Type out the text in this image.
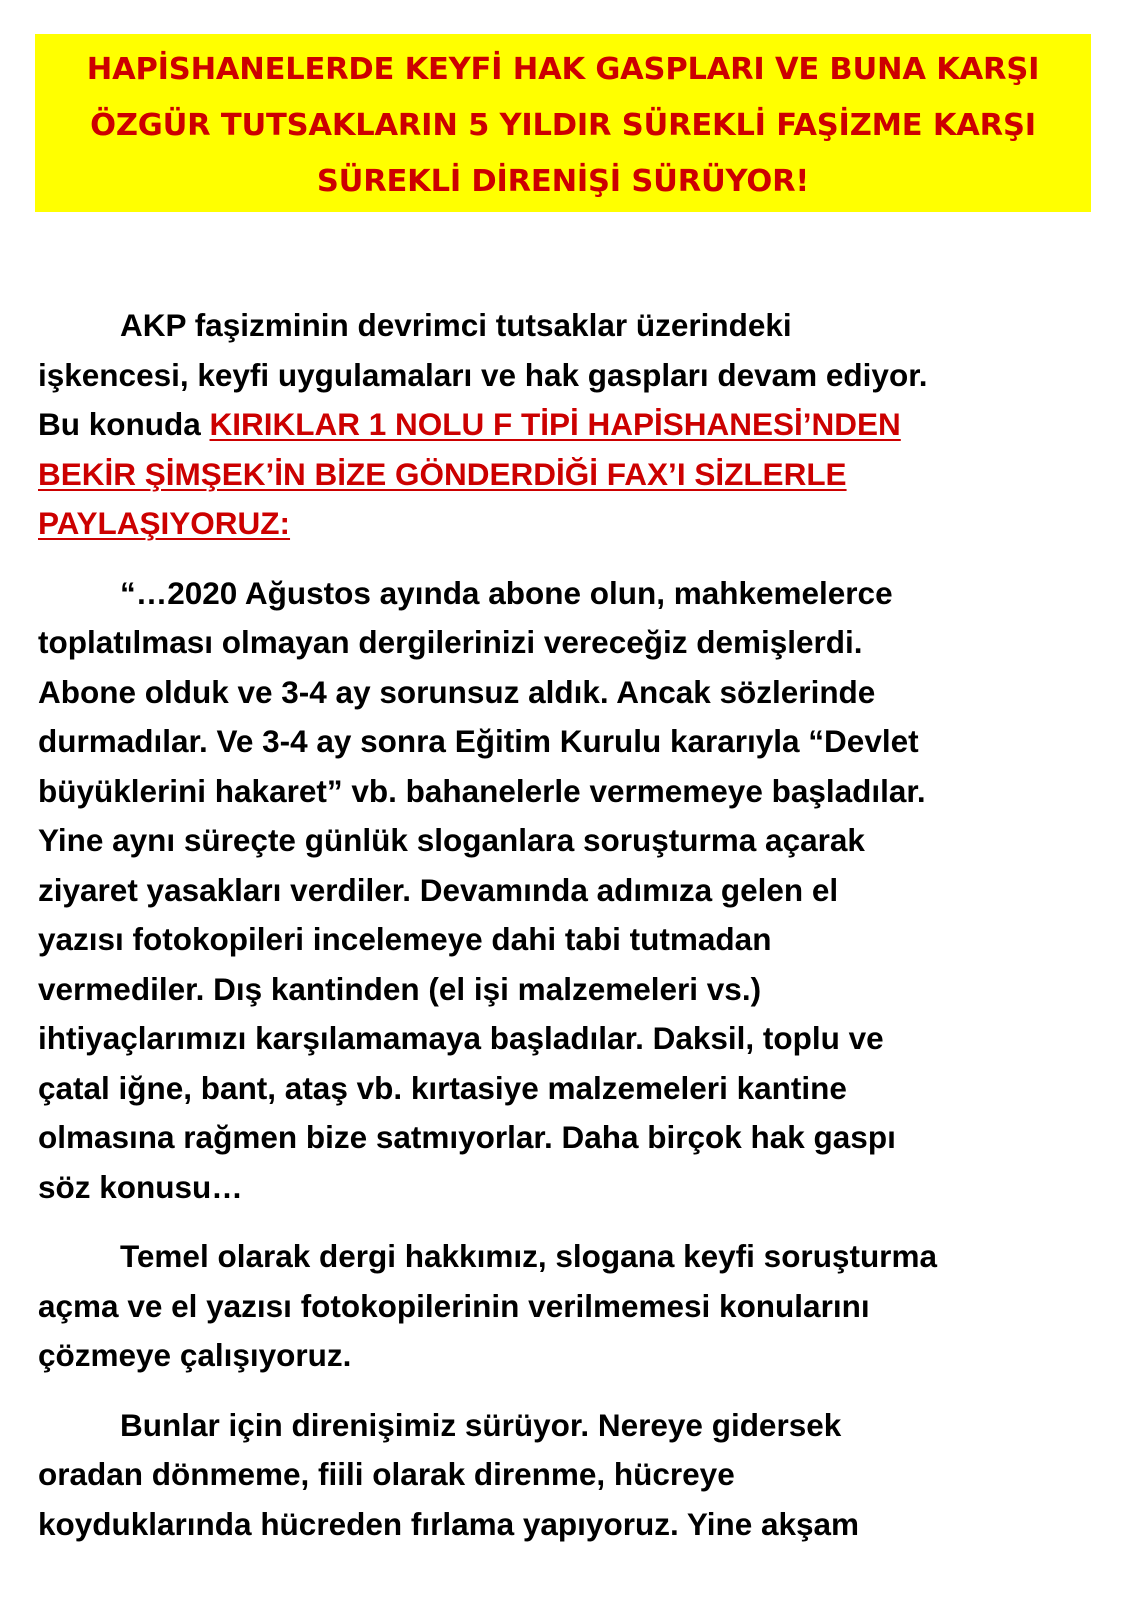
HAPİSHANELERDE KEYFİ HAK GASPLARI VE BUNA KARŞI
ÖZGÜR TUTSAKLARIN 5 YILDIR SÜREKLİ FAŞİZME KARŞI
SÜREKLİ DİRENİŞİ SÜRÜYOR!
AKP faşizminin devrimci tutsaklar üzerindeki
işkencesi, keyfi uygulamaları ve hak gaspları devam ediyor.
Bu konuda KIRIKLAR 1 NOLU F TİPİ HAPİSHANESİ’NDEN
BEKİR ŞİMŞEK’İN BİZE GÖNDERDİĞİ FAX’I SİZLERLE
PAYLAŞIYORUZ:
“…2020 Ağustos ayında abone olun, mahkemelerce
toplatılması olmayan dergilerinizi vereceğiz demişlerdi.
Abone olduk ve 3-4 ay sorunsuz aldık. Ancak sözlerinde
durmadılar. Ve 3-4 ay sonra Eğitim Kurulu kararıyla “Devlet
büyüklerini hakaret” vb. bahanelerle vermemeye başladılar.
Yine aynı süreçte günlük sloganlara soruşturma açarak
ziyaret yasakları verdiler. Devamında adımıza gelen el
yazısı fotokopileri incelemeye dahi tabi tutmadan
vermediler. Dış kantinden (el işi malzemeleri vs.)
ihtiyaçlarımızı karşılamamaya başladılar. Daksil, toplu ve
çatal iğne, bant, ataş vb. kırtasiye malzemeleri kantine
olmasına rağmen bize satmıyorlar. Daha birçok hak gaspı
söz konusu…
Temel olarak dergi hakkımız, slogana keyfi soruşturma
açma ve el yazısı fotokopilerinin verilmemesi konularını
çözmeye çalışıyoruz.
Bunlar için direnişimiz sürüyor. Nereye gidersek
oradan dönmeme, fiili olarak direnme, hücreye
koyduklarında hücreden fırlama yapıyoruz. Yine akşam
